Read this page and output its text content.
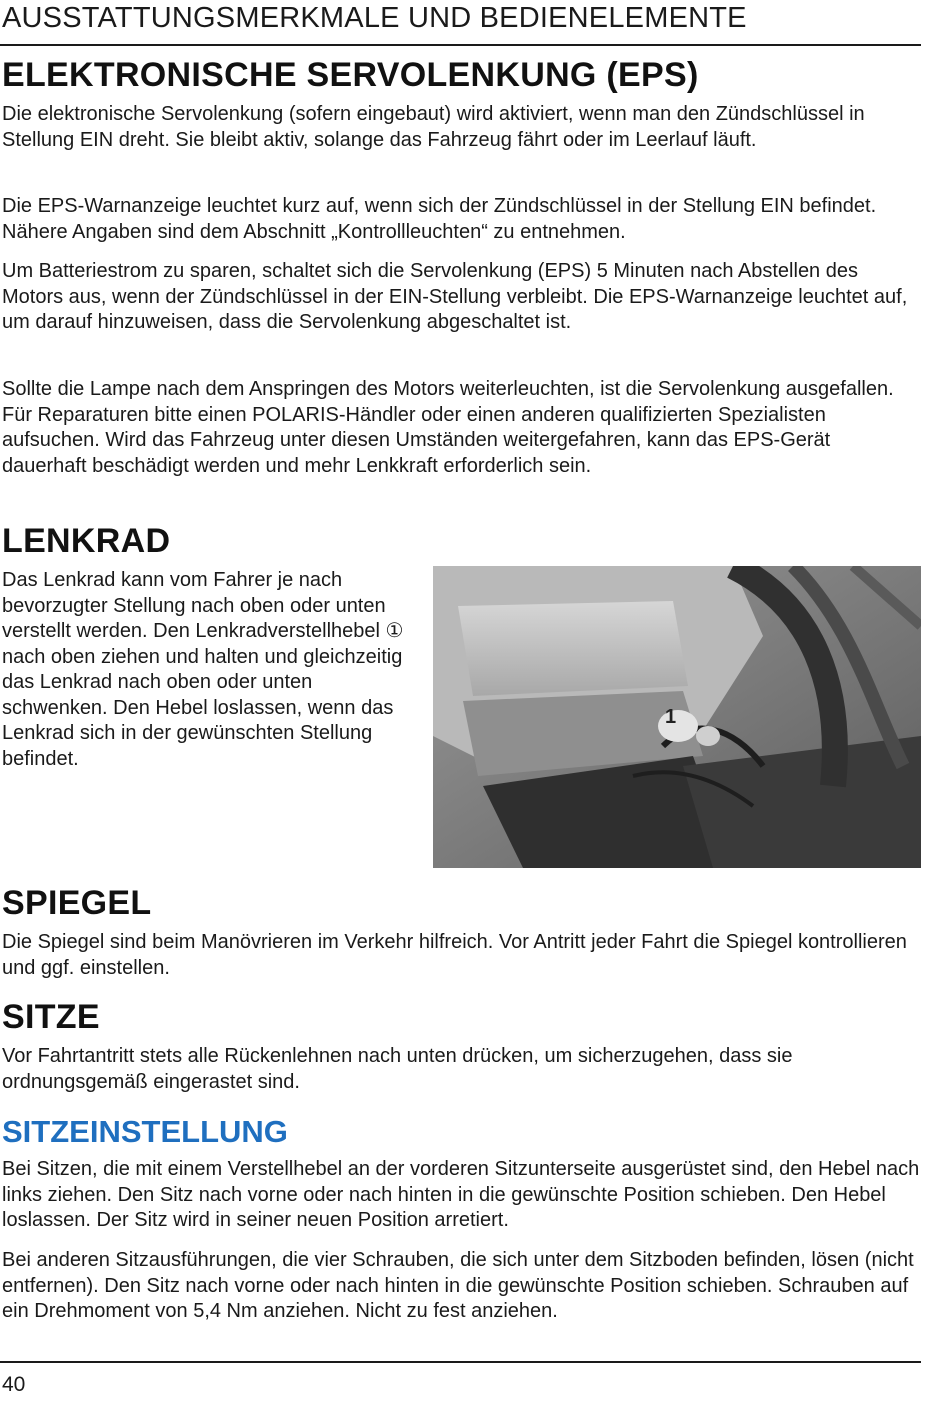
AUSSTATTUNGSMERKMALE UND BEDIENELEMENTE
ELEKTRONISCHE SERVOLENKUNG (EPS)
Die elektronische Servolenkung (sofern eingebaut) wird aktiviert, wenn man den Zündschlüssel in Stellung EIN dreht. Sie bleibt aktiv, solange das Fahrzeug fährt oder im Leerlauf läuft.
Die EPS-Warnanzeige leuchtet kurz auf, wenn sich der Zündschlüssel in der Stellung EIN befindet. Nähere Angaben sind dem Abschnitt „Kontrollleuchten“ zu entnehmen.
Um Batteriestrom zu sparen, schaltet sich die Servolenkung (EPS) 5 Minuten nach Abstellen des Motors aus, wenn der Zündschlüssel in der EIN-Stellung verbleibt. Die EPS-Warnanzeige leuchtet auf, um darauf hinzuweisen, dass die Servolenkung abgeschaltet ist.
Sollte die Lampe nach dem Anspringen des Motors weiterleuchten, ist die Servolenkung ausgefallen. Für Reparaturen bitte einen POLARIS-Händler oder einen anderen qualifizierten Spezialisten aufsuchen. Wird das Fahrzeug unter diesen Umständen weitergefahren, kann das EPS-Gerät dauerhaft beschädigt werden und mehr Lenkkraft erforderlich sein.
LENKRAD
Das Lenkrad kann vom Fahrer je nach bevorzugter Stellung nach oben oder unten verstellt werden. Den Lenkradverstellhebel ① nach oben ziehen und halten und gleichzeitig das Lenkrad nach oben oder unten schwenken. Den Hebel loslassen, wenn das Lenkrad sich in der gewünschten Stellung befindet.
1
SPIEGEL
Die Spiegel sind beim Manövrieren im Verkehr hilfreich. Vor Antritt jeder Fahrt die Spiegel kontrollieren und ggf. einstellen.
SITZE
Vor Fahrtantritt stets alle Rückenlehnen nach unten drücken, um sicherzugehen, dass sie ordnungsgemäß eingerastet sind.
SITZEINSTELLUNG
Bei Sitzen, die mit einem Verstellhebel an der vorderen Sitzunterseite ausgerüstet sind, den Hebel nach links ziehen. Den Sitz nach vorne oder nach hinten in die gewünschte Position schieben. Den Hebel loslassen. Der Sitz wird in seiner neuen Position arretiert.
Bei anderen Sitzausführungen, die vier Schrauben, die sich unter dem Sitzboden befinden, lösen (nicht entfernen). Den Sitz nach vorne oder nach hinten in die gewünschte Position schieben. Schrauben auf ein Drehmoment von 5,4 Nm anziehen. Nicht zu fest anziehen.
40
